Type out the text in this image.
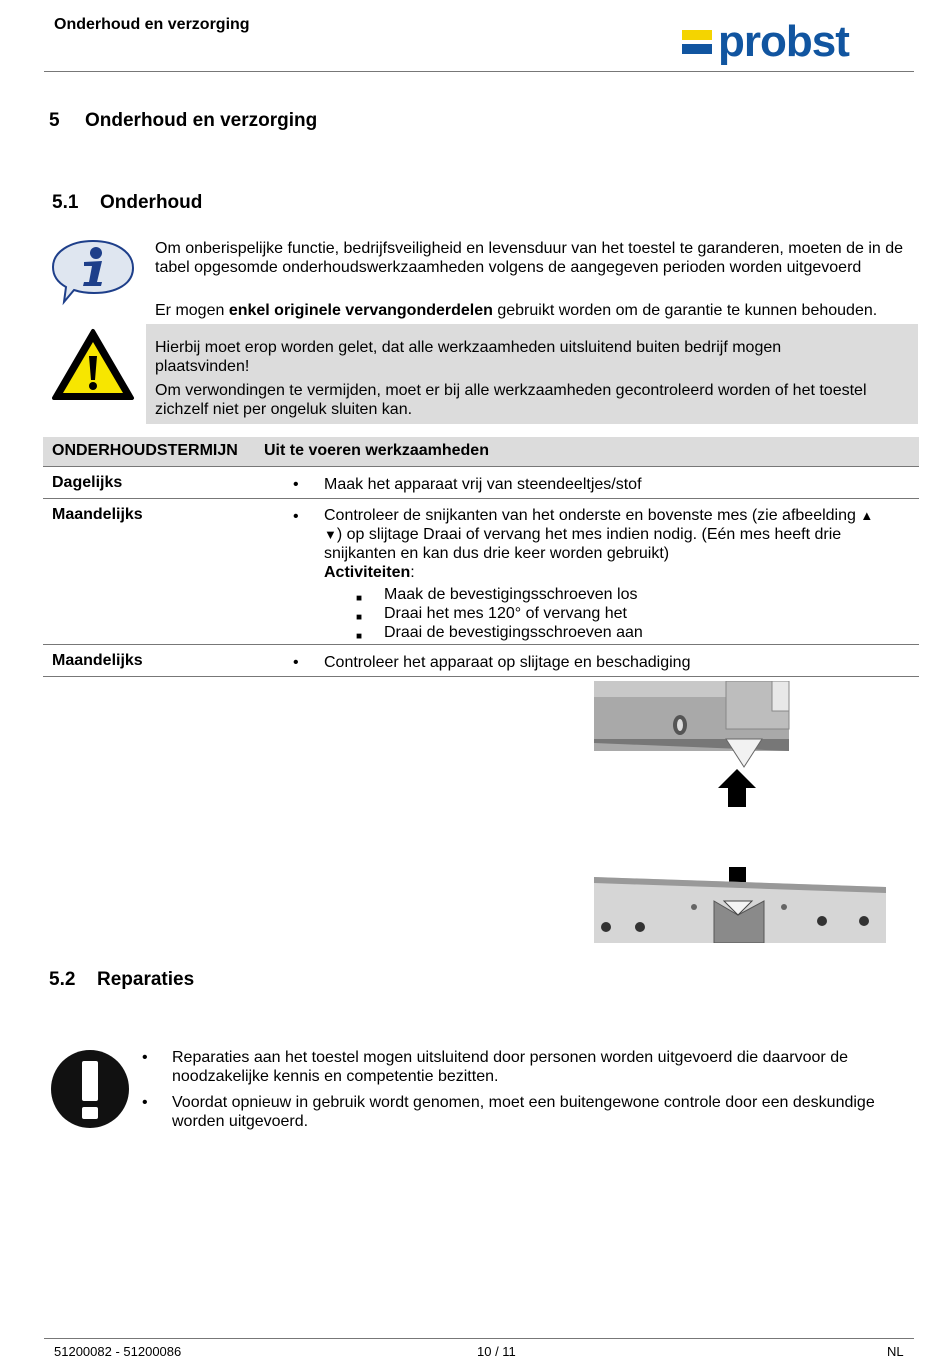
Onderhoud en verzorging	probst
5 Onderhoud en verzorging
5.1 Onderhoud
Om onberispelijke functie, bedrijfsveiligheid en levensduur van het toestel te garanderen, moeten de in de tabel opgesomde onderhoudswerkzaamheden volgens de aangegeven perioden worden uitgevoerd
Er mogen enkel originele vervangonderdelen gebruikt worden om de garantie te kunnen behouden.
Hierbij moet erop worden gelet, dat alle werkzaamheden uitsluitend buiten bedrijf mogen plaatsvinden!
Om verwondingen te vermijden, moet er bij alle werkzaamheden gecontroleerd worden of het toestel zichzelf niet per ongeluk sluiten kan.
ONDERHOUDSTERMIJN Uit te voeren werkzaamheden
Dagelijks	• Maak het apparaat vrij van steendeeltjes/stof
Maandelijks	• Controleer de snijkanten van het onderste en bovenste mes (zie afbeelding ▲
▼) op slijtage Draai of vervang het mes indien nodig. (Eén mes heeft drie
snijkanten en kan dus drie keer worden gebruikt)
Activiteiten:
■ Maak de bevestigingsschroeven los
■ Draai het mes 120° of vervang het
■ Draai de bevestigingsschroeven aan
Maandelijks	• Controleer het apparaat op slijtage en beschadiging
5.2 Reparaties
• Reparaties aan het toestel mogen uitsluitend door personen worden uitgevoerd die daarvoor de noodzakelijke kennis en competentie bezitten.
• Voordat opnieuw in gebruik wordt genomen, moet een buitengewone controle door een deskundige worden uitgevoerd.
51200082 - 51200086	10 / 11	NL
